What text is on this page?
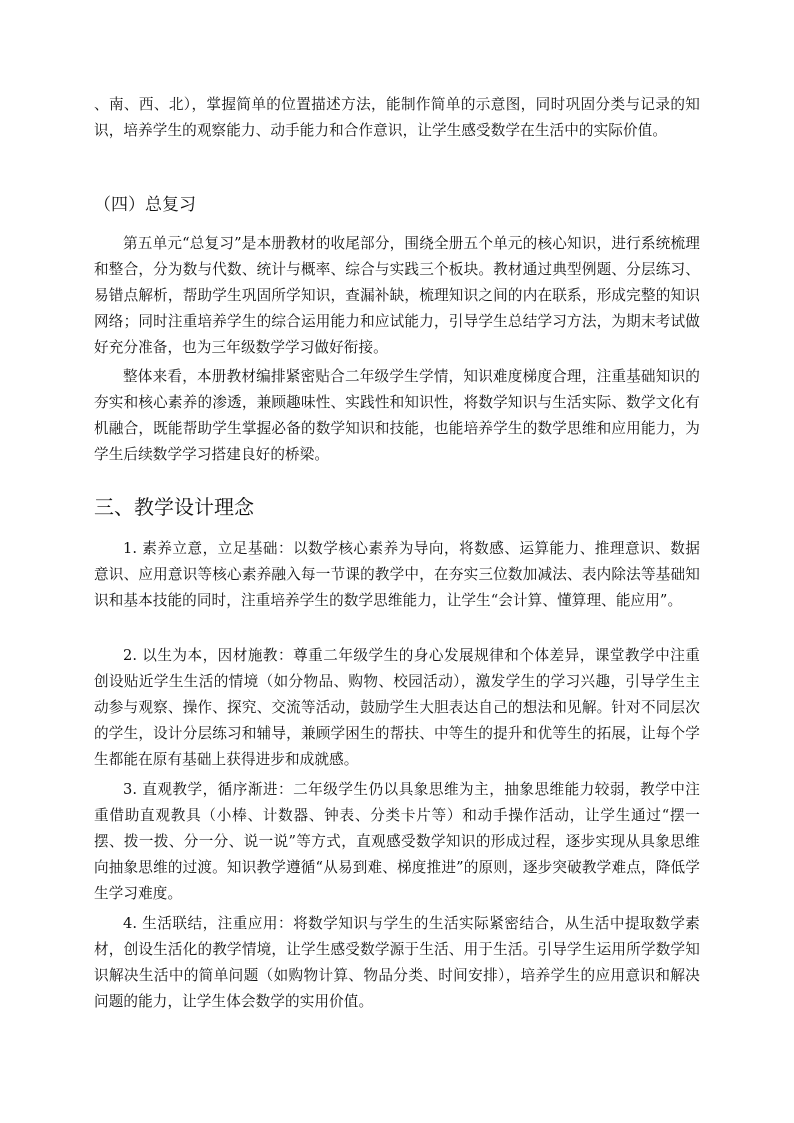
、南、西、北），掌握简单的位置描述方法，能制作简单的示意图，同时巩固分类与记录的知识，培养学生的观察能力、动手能力和合作意识，让学生感受数学在生活中的实际价值。

（四）总复习

第五单元“总复习”是本册教材的收尾部分，围绕全册五个单元的核心知识，进行系统梳理和整合，分为数与代数、统计与概率、综合与实践三个板块。教材通过典型例题、分层练习、易错点解析，帮助学生巩固所学知识，查漏补缺，梳理知识之间的内在联系，形成完整的知识网络；同时注重培养学生的综合运用能力和应试能力，引导学生总结学习方法，为期末考试做好充分准备，也为三年级数学学习做好衔接。

整体来看，本册教材编排紧密贴合二年级学生学情，知识难度梯度合理，注重基础知识的夯实和核心素养的渗透，兼顾趣味性、实践性和知识性，将数学知识与生活实际、数学文化有机融合，既能帮助学生掌握必备的数学知识和技能，也能培养学生的数学思维和应用能力，为学生后续数学学习搭建良好的桥梁。

三、教学设计理念

1. 素养立意，立足基础：以数学核心素养为导向，将数感、运算能力、推理意识、数据意识、应用意识等核心素养融入每一节课的教学中，在夯实三位数加减法、表内除法等基础知识和基本技能的同时，注重培养学生的数学思维能力，让学生“会计算、懂算理、能应用”。

2. 以生为本，因材施教：尊重二年级学生的身心发展规律和个体差异，课堂教学中注重创设贴近学生生活的情境（如分物品、购物、校园活动），激发学生的学习兴趣，引导学生主动参与观察、操作、探究、交流等活动，鼓励学生大胆表达自己的想法和见解。针对不同层次的学生，设计分层练习和辅导，兼顾学困生的帮扶、中等生的提升和优等生的拓展，让每个学生都能在原有基础上获得进步和成就感。

3. 直观教学，循序渐进：二年级学生仍以具象思维为主，抽象思维能力较弱，教学中注重借助直观教具（小棒、计数器、钟表、分类卡片等）和动手操作活动，让学生通过“摆一摆、拨一拨、分一分、说一说”等方式，直观感受数学知识的形成过程，逐步实现从具象思维向抽象思维的过渡。知识教学遵循“从易到难、梯度推进”的原则，逐步突破教学难点，降低学生学习难度。

4. 生活联结，注重应用：将数学知识与学生的生活实际紧密结合，从生活中提取数学素材，创设生活化的教学情境，让学生感受数学源于生活、用于生活。引导学生运用所学数学知识解决生活中的简单问题（如购物计算、物品分类、时间安排），培养学生的应用意识和解决问题的能力，让学生体会数学的实用价值。
